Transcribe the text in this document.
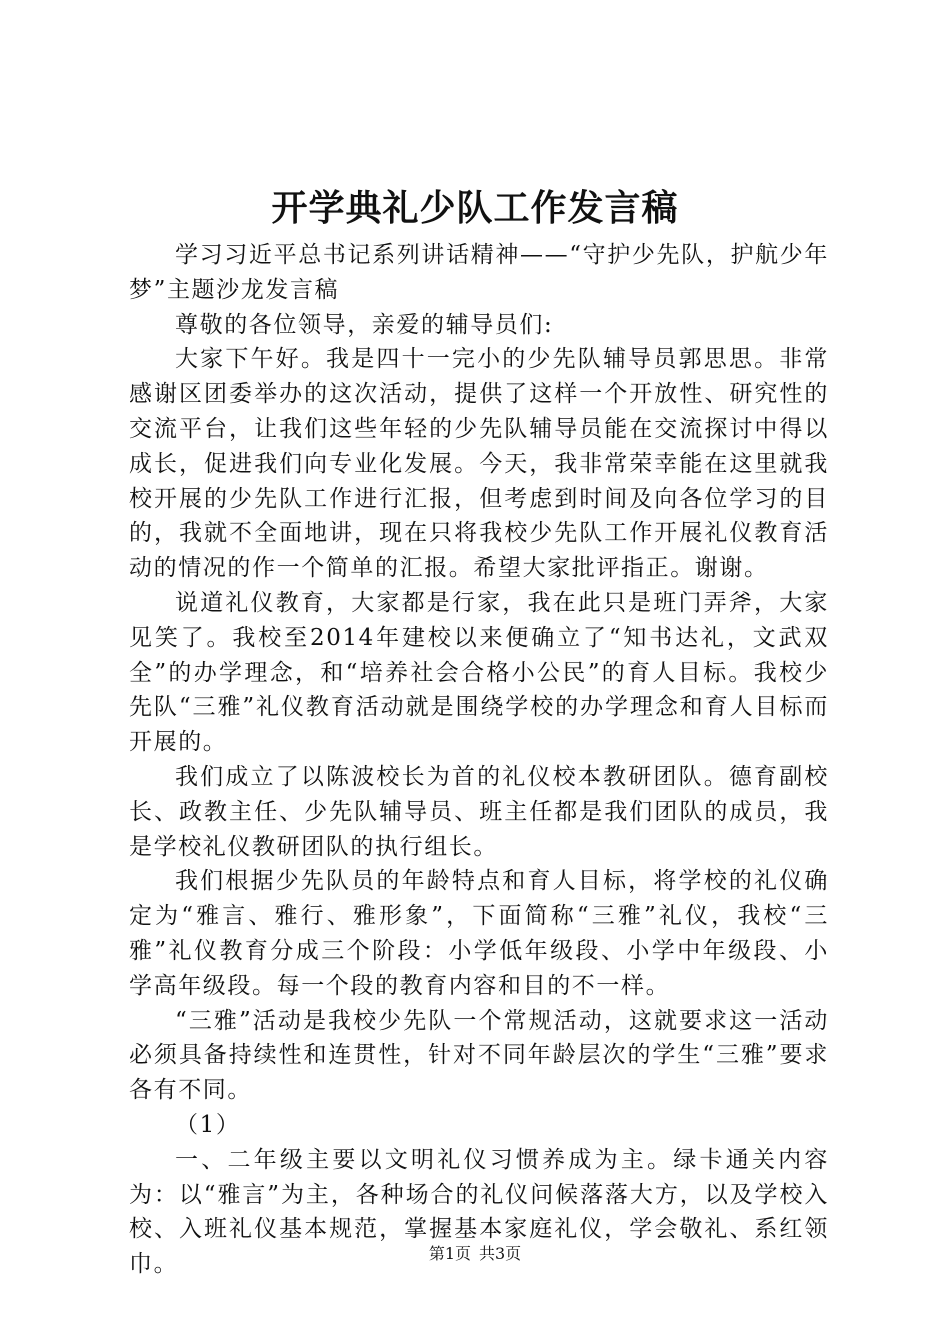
开学典礼少队工作发言稿

学习习近平总书记系列讲话精神——“守护少先队，护航少年梦”主题沙龙发言稿

尊敬的各位领导，亲爱的辅导员们:

大家下午好。我是四十一完小的少先队辅导员郭思思。非常感谢区团委举办的这次活动，提供了这样一个开放性、研究性的交流平台，让我们这些年轻的少先队辅导员能在交流探讨中得以成长，促进我们向专业化发展。今天，我非常荣幸能在这里就我校开展的少先队工作进行汇报，但考虑到时间及向各位学习的目的，我就不全面地讲，现在只将我校少先队工作开展礼仪教育活动的情况的作一个简单的汇报。希望大家批评指正。谢谢。

说道礼仪教育，大家都是行家，我在此只是班门弄斧，大家见笑了。我校至2014年建校以来便确立了“知书达礼，文武双全”的办学理念，和“培养社会合格小公民”的育人目标。我校少先队“三雅”礼仪教育活动就是围绕学校的办学理念和育人目标而开展的。

我们成立了以陈波校长为首的礼仪校本教研团队。德育副校长、政教主任、少先队辅导员、班主任都是我们团队的成员，我是学校礼仪教研团队的执行组长。

我们根据少先队员的年龄特点和育人目标，将学校的礼仪确定为“雅言、雅行、雅形象”，下面简称“三雅”礼仪，我校“三雅”礼仪教育分成三个阶段：小学低年级段、小学中年级段、小学高年级段。每一个段的教育内容和目的不一样。

“三雅”活动是我校少先队一个常规活动，这就要求这一活动必须具备持续性和连贯性，针对不同年龄层次的学生“三雅”要求各有不同。

（1）

一、二年级主要以文明礼仪习惯养成为主。绿卡通关内容为：以“雅言”为主，各种场合的礼仪问候落落大方，以及学校入校、入班礼仪基本规范，掌握基本家庭礼仪，学会敬礼、系红领巾。	第1页 共3页
